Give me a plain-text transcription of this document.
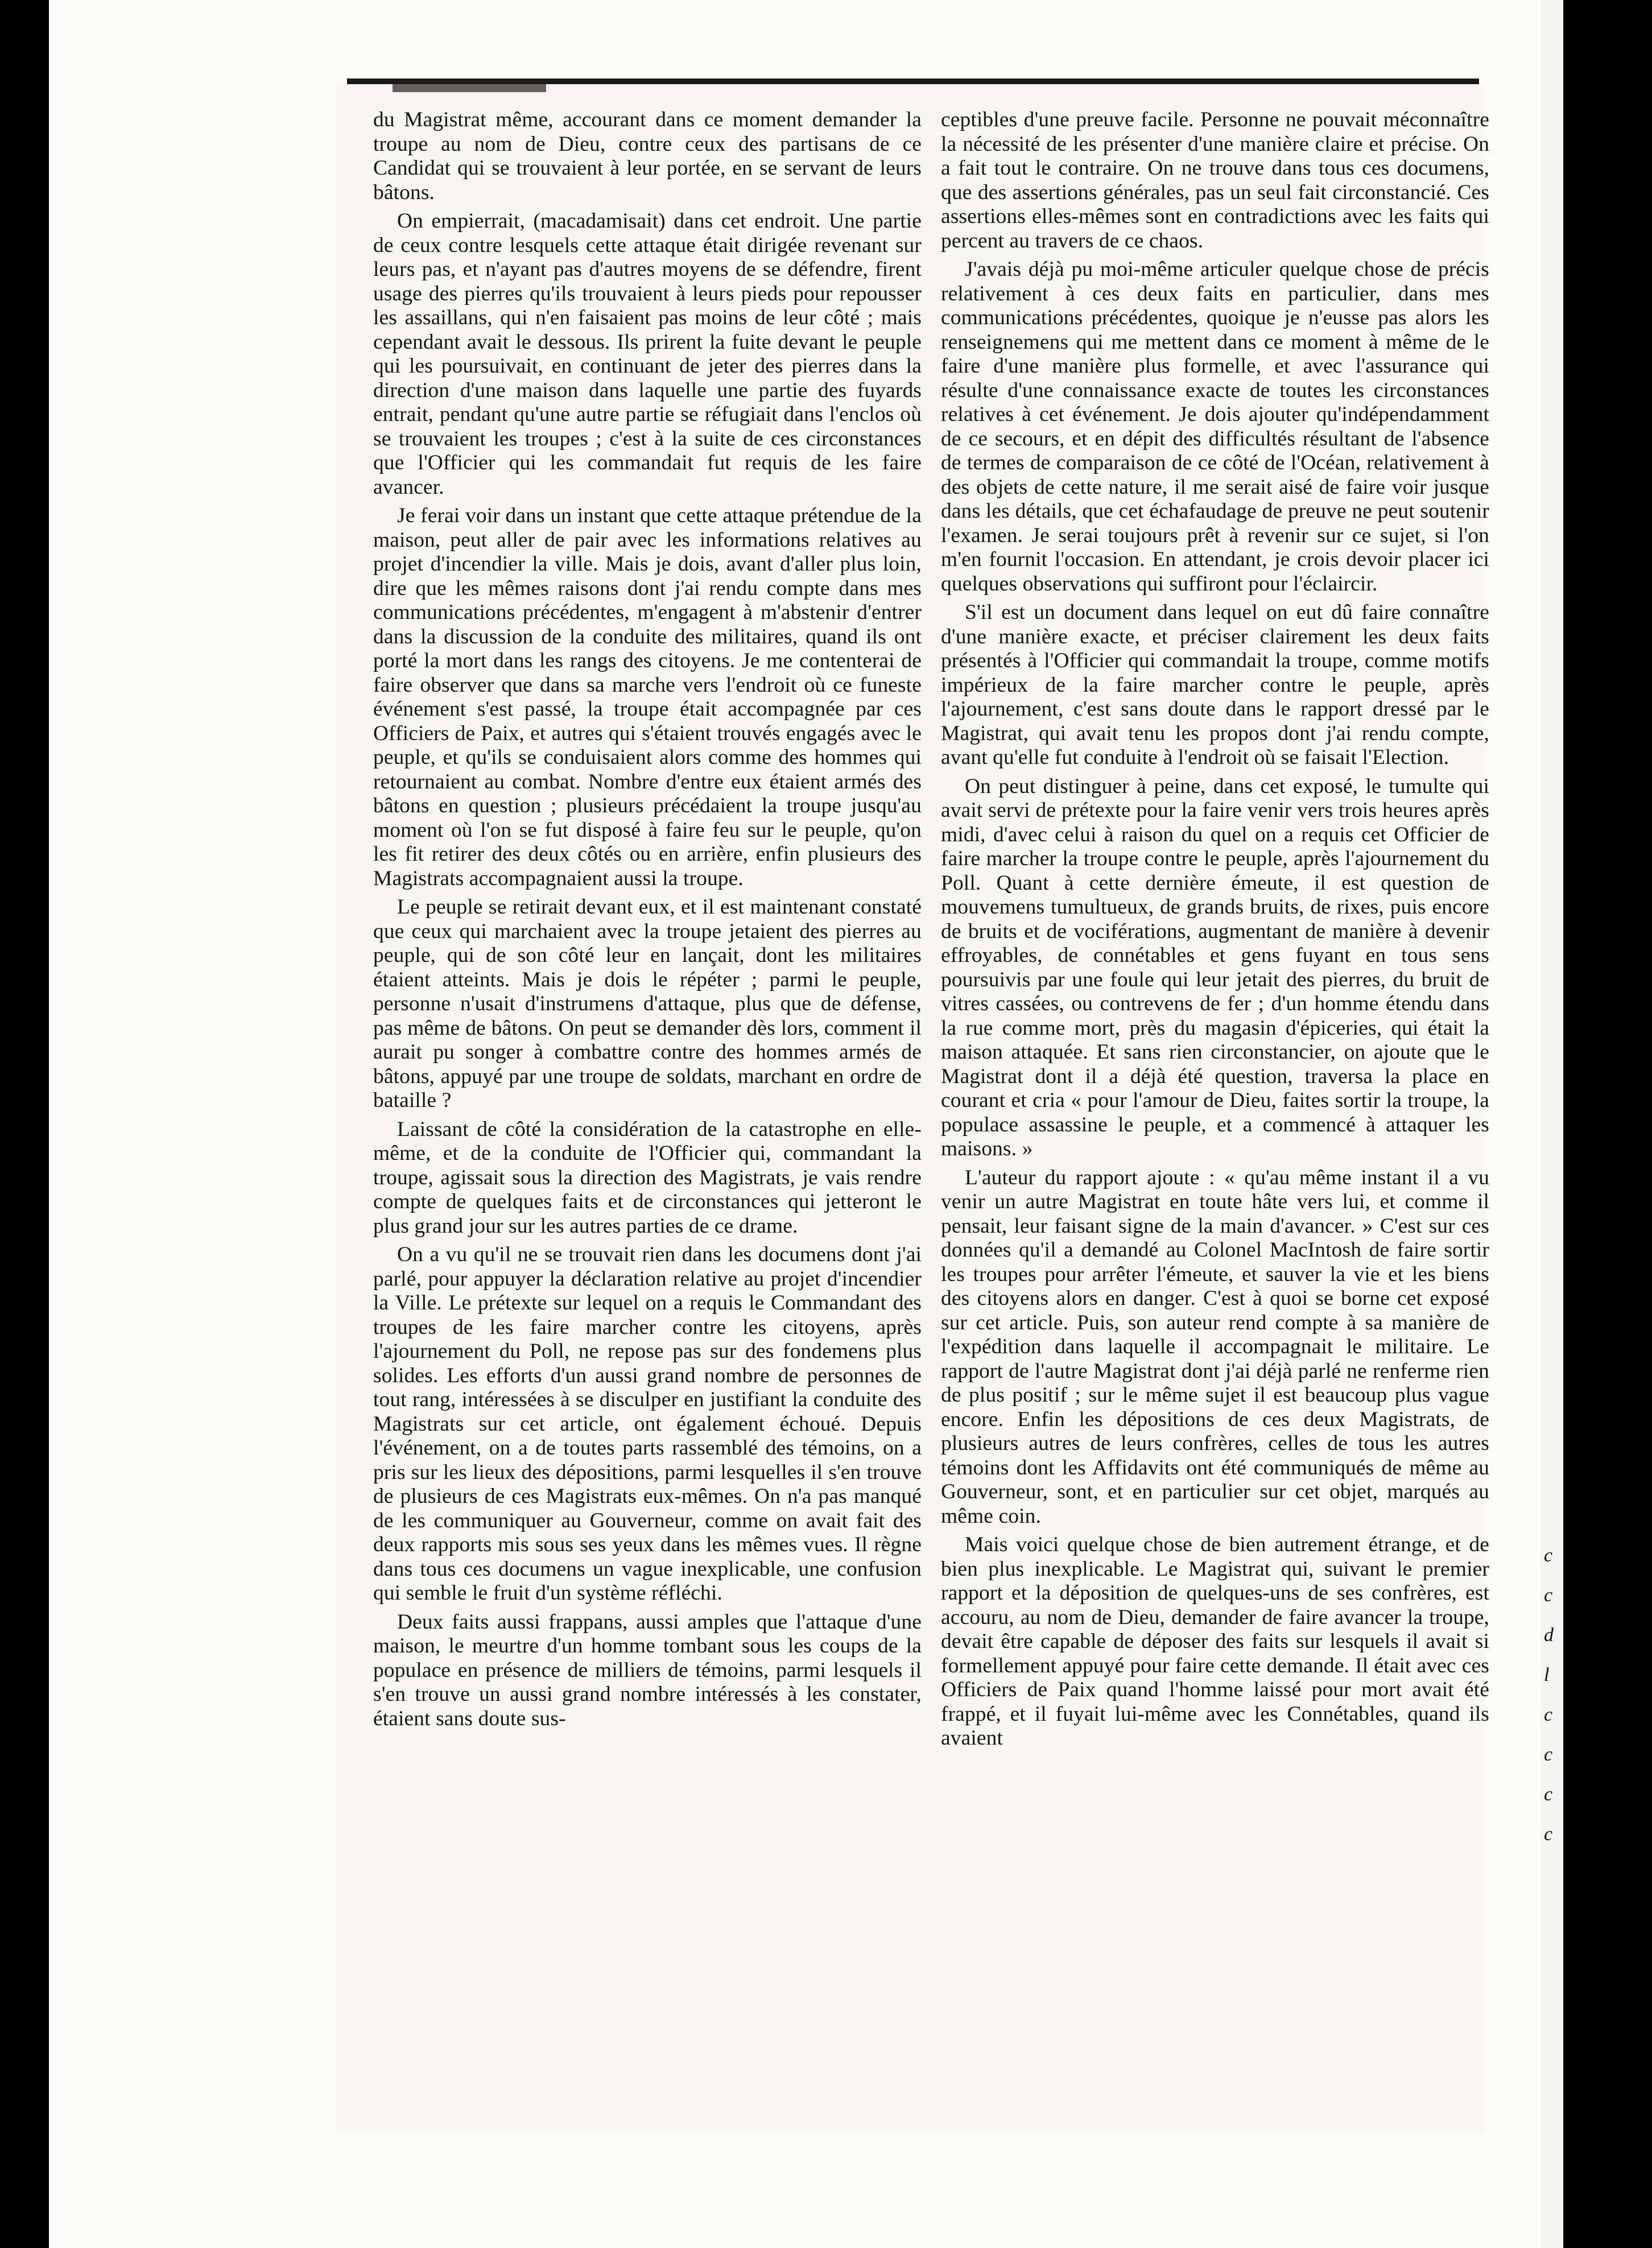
du Magistrat même, accourant dans ce moment demander la troupe au nom de Dieu, contre ceux des partisans de ce Candidat qui se trouvaient à leur portée, en se servant de leurs bâtons.

On empierrait, (macadamisait) dans cet endroit. Une partie de ceux contre lesquels cette attaque était dirigée revenant sur leurs pas, et n'ayant pas d'autres moyens de se défendre, firent usage des pierres qu'ils trouvaient à leurs pieds pour repousser les assaillans, qui n'en faisaient pas moins de leur côté ; mais cependant avait le dessous. Ils prirent la fuite devant le peuple qui les poursuivait, en continuant de jeter des pierres dans la direction d'une maison dans laquelle une partie des fuyards entrait, pendant qu'une autre partie se réfugiait dans l'enclos où se trouvaient les troupes ; c'est à la suite de ces circonstances que l'Officier qui les commandait fut requis de les faire avancer.

Je ferai voir dans un instant que cette attaque prétendue de la maison, peut aller de pair avec les informations relatives au projet d'incendier la ville. Mais je dois, avant d'aller plus loin, dire que les mêmes raisons dont j'ai rendu compte dans mes communications précédentes, m'engagent à m'abstenir d'entrer dans la discussion de la conduite des militaires, quand ils ont porté la mort dans les rangs des citoyens. Je me contenterai de faire observer que dans sa marche vers l'endroit où ce funeste événement s'est passé, la troupe était accompagnée par ces Officiers de Paix, et autres qui s'étaient trouvés engagés avec le peuple, et qu'ils se conduisaient alors comme des hommes qui retournaient au combat. Nombre d'entre eux étaient armés des bâtons en question ; plusieurs précédaient la troupe jusqu'au moment où l'on se fut disposé à faire feu sur le peuple, qu'on les fit retirer des deux côtés ou en arrière, enfin plusieurs des Magistrats accompagnaient aussi la troupe.

Le peuple se retirait devant eux, et il est maintenant constaté que ceux qui marchaient avec la troupe jetaient des pierres au peuple, qui de son côté leur en lançait, dont les militaires étaient atteints. Mais je dois le répéter ; parmi le peuple, personne n'usait d'instrumens d'attaque, plus que de défense, pas même de bâtons. On peut se demander dès lors, comment il aurait pu songer à combattre contre des hommes armés de bâtons, appuyé par une troupe de soldats, marchant en ordre de bataille ?

Laissant de côté la considération de la catastrophe en elle-même, et de la conduite de l'Officier qui, commandant la troupe, agissait sous la direction des Magistrats, je vais rendre compte de quelques faits et de circonstances qui jetteront le plus grand jour sur les autres parties de ce drame.

On a vu qu'il ne se trouvait rien dans les documens dont j'ai parlé, pour appuyer la déclaration relative au projet d'incendier la Ville. Le prétexte sur lequel on a requis le Commandant des troupes de les faire marcher contre les citoyens, après l'ajournement du Poll, ne repose pas sur des fondemens plus solides. Les efforts d'un aussi grand nombre de personnes de tout rang, intéressées à se disculper en justifiant la conduite des Magistrats sur cet article, ont également échoué. Depuis l'événement, on a de toutes parts rassemblé des témoins, on a pris sur les lieux des dépositions, parmi lesquelles il s'en trouve de plusieurs de ces Magistrats eux-mêmes. On n'a pas manqué de les communiquer au Gouverneur, comme on avait fait des deux rapports mis sous ses yeux dans les mêmes vues. Il règne dans tous ces documens un vague inexplicable, une confusion qui semble le fruit d'un système réfléchi.

Deux faits aussi frappans, aussi amples que l'attaque d'une maison, le meurtre d'un homme tombant sous les coups de la populace en présence de milliers de témoins, parmi lesquels il s'en trouve un aussi grand nombre intéressés à les constater, étaient sans doute sus-

ceptibles d'une preuve facile. Personne ne pouvait méconnaître la nécessité de les présenter d'une manière claire et précise. On a fait tout le contraire. On ne trouve dans tous ces documens, que des assertions générales, pas un seul fait circonstancié. Ces assertions elles-mêmes sont en contradictions avec les faits qui percent au travers de ce chaos.

J'avais déjà pu moi-même articuler quelque chose de précis relativement à ces deux faits en particulier, dans mes communications précédentes, quoique je n'eusse pas alors les renseignemens qui me mettent dans ce moment à même de le faire d'une manière plus formelle, et avec l'assurance qui résulte d'une connaissance exacte de toutes les circonstances relatives à cet événement. Je dois ajouter qu'indépendamment de ce secours, et en dépit des difficultés résultant de l'absence de termes de comparaison de ce côté de l'Océan, relativement à des objets de cette nature, il me serait aisé de faire voir jusque dans les détails, que cet échafaudage de preuve ne peut soutenir l'examen. Je serai toujours prêt à revenir sur ce sujet, si l'on m'en fournit l'occasion. En attendant, je crois devoir placer ici quelques observations qui suffiront pour l'éclaircir.

S'il est un document dans lequel on eut dû faire connaître d'une manière exacte, et préciser clairement les deux faits présentés à l'Officier qui commandait la troupe, comme motifs impérieux de la faire marcher contre le peuple, après l'ajournement, c'est sans doute dans le rapport dressé par le Magistrat, qui avait tenu les propos dont j'ai rendu compte, avant qu'elle fut conduite à l'endroit où se faisait l'Election.

On peut distinguer à peine, dans cet exposé, le tumulte qui avait servi de prétexte pour la faire venir vers trois heures après midi, d'avec celui à raison du quel on a requis cet Officier de faire marcher la troupe contre le peuple, après l'ajournement du Poll. Quant à cette dernière émeute, il est question de mouvemens tumultueux, de grands bruits, de rixes, puis encore de bruits et de vociférations, augmentant de manière à devenir effroyables, de connétables et gens fuyant en tous sens poursuivis par une foule qui leur jetait des pierres, du bruit de vitres cassées, ou contrevens de fer ; d'un homme étendu dans la rue comme mort, près du magasin d'épiceries, qui était la maison attaquée. Et sans rien circonstancier, on ajoute que le Magistrat dont il a déjà été question, traversa la place en courant et cria « pour l'amour de Dieu, faites sortir la troupe, la populace assassine le peuple, et a commencé à attaquer les maisons. »

L'auteur du rapport ajoute : « qu'au même instant il a vu venir un autre Magistrat en toute hâte vers lui, et comme il pensait, leur faisant signe de la main d'avancer. » C'est sur ces données qu'il a demandé au Colonel MacIntosh de faire sortir les troupes pour arrêter l'émeute, et sauver la vie et les biens des citoyens alors en danger. C'est à quoi se borne cet exposé sur cet article. Puis, son auteur rend compte à sa manière de l'expédition dans laquelle il accompagnait le militaire. Le rapport de l'autre Magistrat dont j'ai déjà parlé ne renferme rien de plus positif ; sur le même sujet il est beaucoup plus vague encore. Enfin les dépositions de ces deux Magistrats, de plusieurs autres de leurs confrères, celles de tous les autres témoins dont les Affidavits ont été communiqués de même au Gouverneur, sont, et en particulier sur cet objet, marqués au même coin.

Mais voici quelque chose de bien autrement étrange, et de bien plus inexplicable. Le Magistrat qui, suivant le premier rapport et la déposition de quelques-uns de ses confrères, est accouru, au nom de Dieu, demander de faire avancer la troupe, devait être capable de déposer des faits sur lesquels il avait si formellement appuyé pour faire cette demande. Il était avec ces Officiers de Paix quand l'homme laissé pour mort avait été frappé, et il fuyait lui-même avec les Connétables, quand ils avaient

c
c
d
l
c
c
c
c
